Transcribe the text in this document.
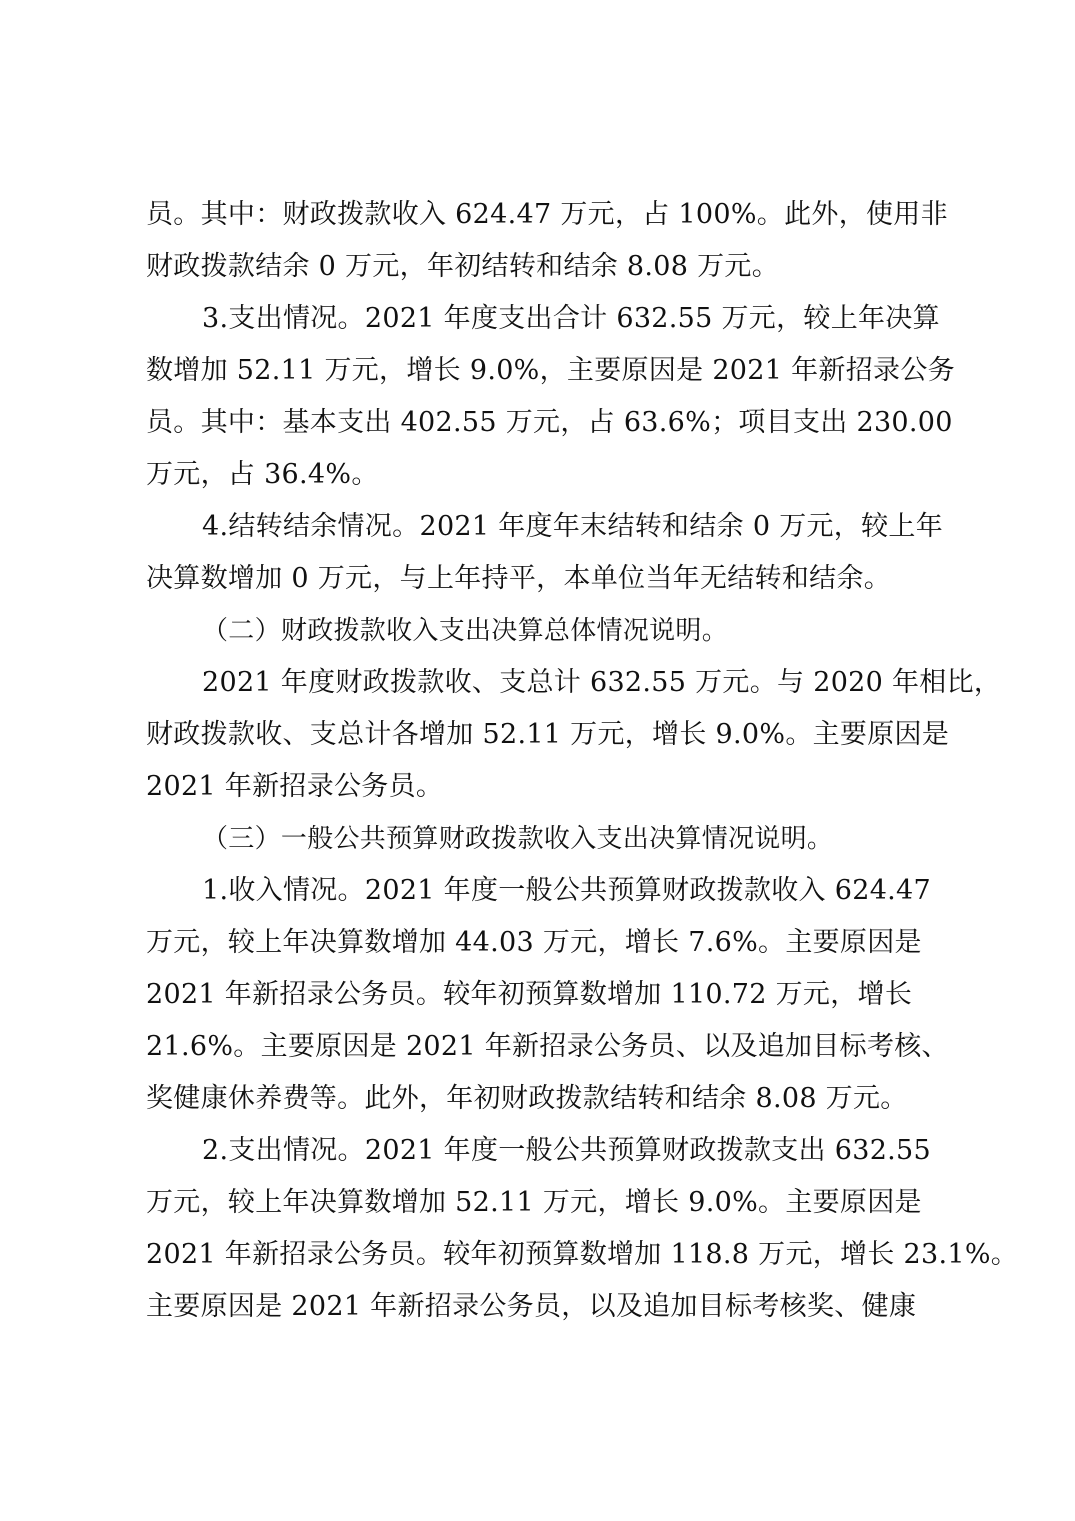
员。其中：财政拨款收入 624.47 万元，占 100%。此外，使用非
财政拨款结余 0 万元，年初结转和结余 8.08 万元。
3.支出情况。2021 年度支出合计 632.55 万元，较上年决算
数增加 52.11 万元，增长 9.0%，主要原因是 2021 年新招录公务
员。其中：基本支出 402.55 万元，占 63.6%；项目支出 230.00
万元，占 36.4%。
4.结转结余情况。2021 年度年末结转和结余 0 万元，较上年
决算数增加 0 万元，与上年持平，本单位当年无结转和结余。
（二）财政拨款收入支出决算总体情况说明。
2021 年度财政拨款收、支总计 632.55 万元。与 2020 年相比，
财政拨款收、支总计各增加 52.11 万元，增长 9.0%。主要原因是
2021 年新招录公务员。
（三）一般公共预算财政拨款收入支出决算情况说明。
1.收入情况。2021 年度一般公共预算财政拨款收入 624.47
万元，较上年决算数增加 44.03 万元，增长 7.6%。主要原因是
2021 年新招录公务员。较年初预算数增加 110.72 万元，增长
21.6%。主要原因是 2021 年新招录公务员、以及追加目标考核、
奖健康休养费等。此外，年初财政拨款结转和结余 8.08 万元。
2.支出情况。2021 年度一般公共预算财政拨款支出 632.55
万元，较上年决算数增加 52.11 万元，增长 9.0%。主要原因是
2021 年新招录公务员。较年初预算数增加 118.8 万元，增长 23.1%。
主要原因是 2021 年新招录公务员，以及追加目标考核奖、健康
